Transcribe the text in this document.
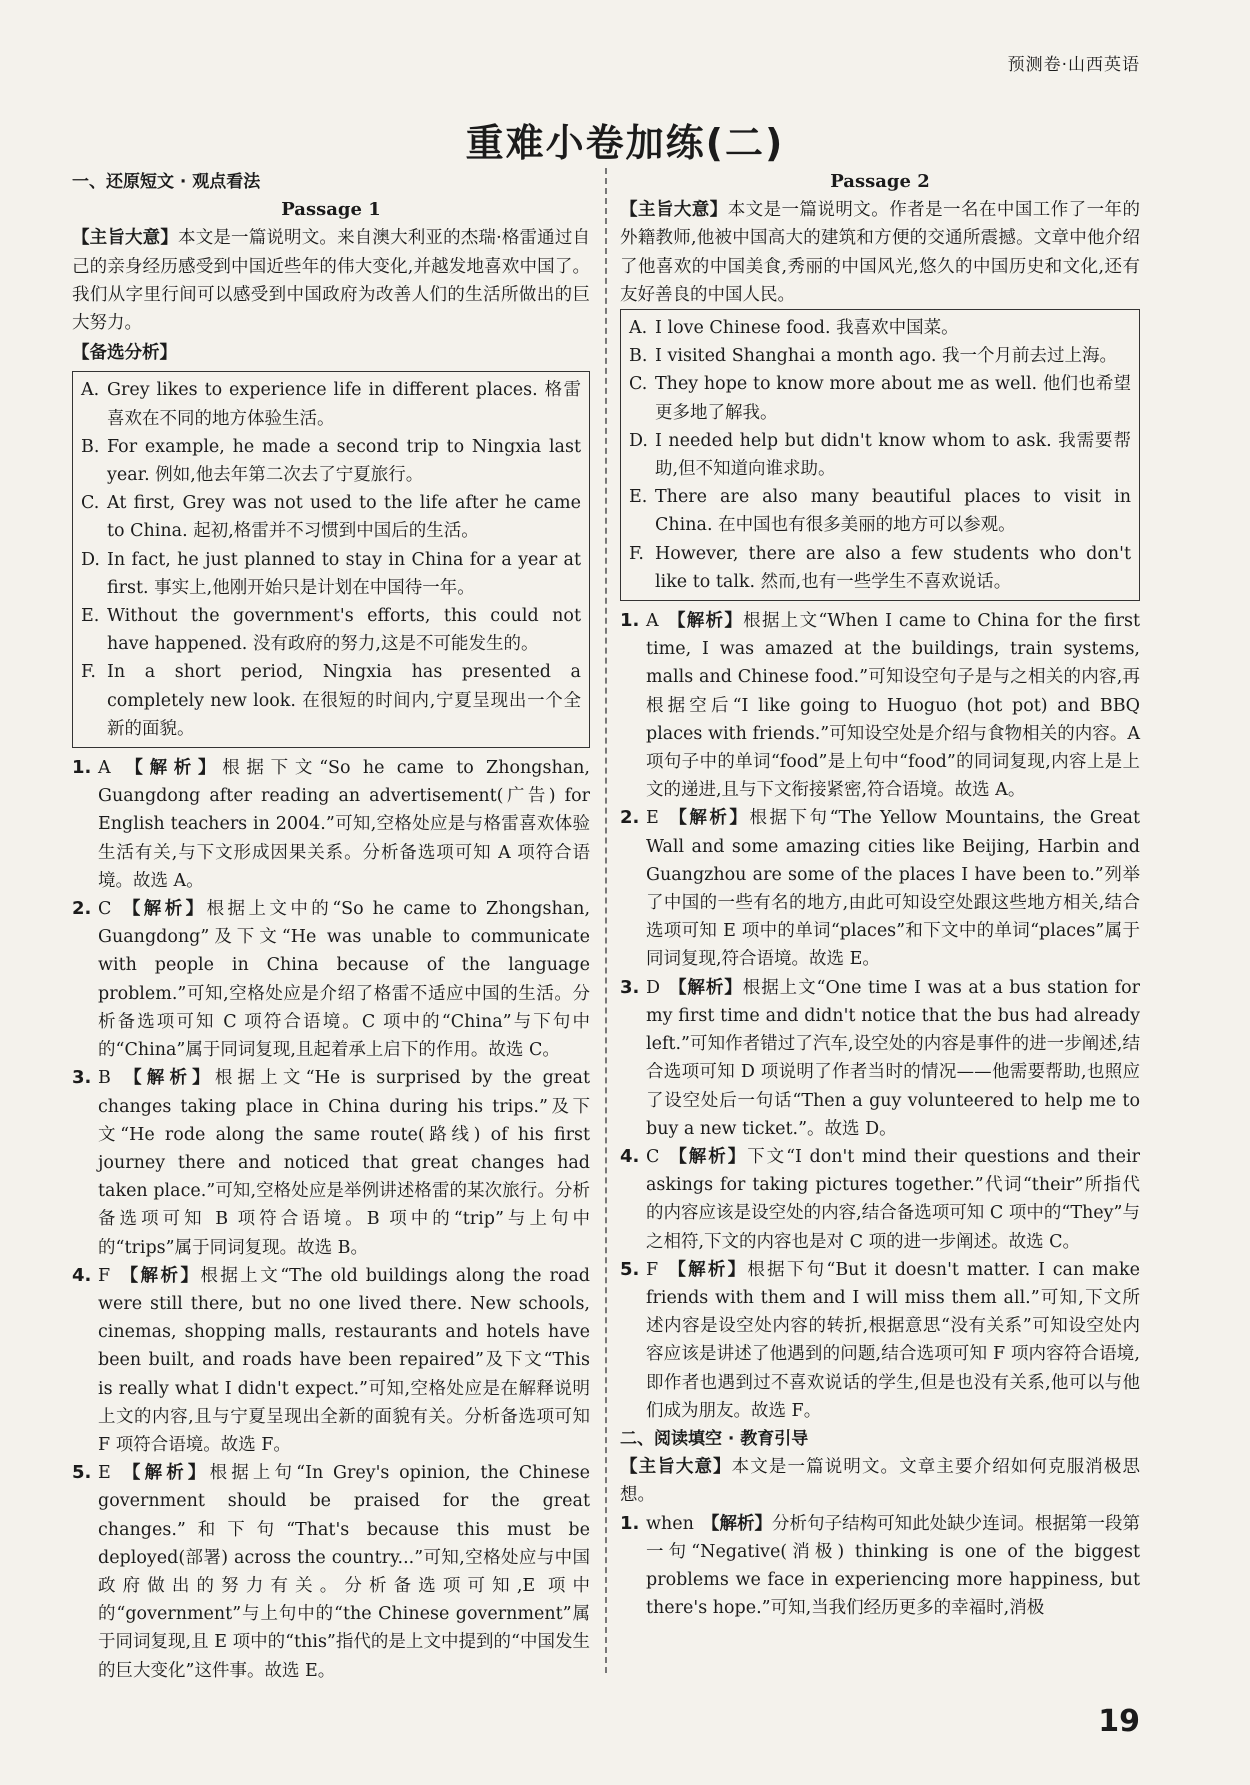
预测卷·山西英语
重难小卷加练(二)
一、还原短文 · 观点看法
Passage 1
【主旨大意】本文是一篇说明文。来自澳大利亚的杰瑞·格雷通过自己的亲身经历感受到中国近些年的伟大变化,并越发地喜欢中国了。我们从字里行间可以感受到中国政府为改善人们的生活所做出的巨大努力。
【备选分析】
A. Grey likes to experience life in different places. 格雷喜欢在不同的地方体验生活。
B. For example, he made a second trip to Ningxia last year. 例如,他去年第二次去了宁夏旅行。
C. At first, Grey was not used to the life after he came to China. 起初,格雷并不习惯到中国后的生活。
D. In fact, he just planned to stay in China for a year at first. 事实上,他刚开始只是计划在中国待一年。
E. Without the government's efforts, this could not have happened. 没有政府的努力,这是不可能发生的。
F. In a short period, Ningxia has presented a completely new look. 在很短的时间内,宁夏呈现出一个全新的面貌。
1. A 【解析】根据下文“So he came to Zhongshan, Guangdong after reading an advertisement(广告) for English teachers in 2004.”可知,空格处应是与格雷喜欢体验生活有关,与下文形成因果关系。分析备选项可知 A 项符合语境。故选 A。
2. C 【解析】根据上文中的“So he came to Zhongshan, Guangdong”及下文“He was unable to communicate with people in China because of the language problem.”可知,空格处应是介绍了格雷不适应中国的生活。分析备选项可知 C 项符合语境。C 项中的“China”与下句中的“China”属于同词复现,且起着承上启下的作用。故选 C。
3. B 【解析】根据上文“He is surprised by the great changes taking place in China during his trips.”及下文“He rode along the same route(路线) of his first journey there and noticed that great changes had taken place.”可知,空格处应是举例讲述格雷的某次旅行。分析备选项可知 B 项符合语境。B 项中的“trip”与上句中的“trips”属于同词复现。故选 B。
4. F 【解析】根据上文“The old buildings along the road were still there, but no one lived there. New schools, cinemas, shopping malls, restaurants and hotels have been built, and roads have been repaired”及下文“This is really what I didn't expect.”可知,空格处应是在解释说明上文的内容,且与宁夏呈现出全新的面貌有关。分析备选项可知 F 项符合语境。故选 F。
5. E 【解析】根据上句“In Grey's opinion, the Chinese government should be praised for the great changes.”和下句“That's because this must be deployed(部署) across the country...”可知,空格处应与中国政府做出的努力有关。分析备选项可知,E 项中的“government”与上句中的“the Chinese government”属于同词复现,且 E 项中的“this”指代的是上文中提到的“中国发生的巨大变化”这件事。故选 E。
Passage 2
【主旨大意】本文是一篇说明文。作者是一名在中国工作了一年的外籍教师,他被中国高大的建筑和方便的交通所震撼。文章中他介绍了他喜欢的中国美食,秀丽的中国风光,悠久的中国历史和文化,还有友好善良的中国人民。
A. I love Chinese food. 我喜欢中国菜。
B. I visited Shanghai a month ago. 我一个月前去过上海。
C. They hope to know more about me as well. 他们也希望更多地了解我。
D. I needed help but didn't know whom to ask. 我需要帮助,但不知道向谁求助。
E. There are also many beautiful places to visit in China. 在中国也有很多美丽的地方可以参观。
F. However, there are also a few students who don't like to talk. 然而,也有一些学生不喜欢说话。
1. A 【解析】根据上文“When I came to China for the first time, I was amazed at the buildings, train systems, malls and Chinese food.”可知设空句子是与之相关的内容,再根据空后“I like going to Huoguo (hot pot) and BBQ places with friends.”可知设空处是介绍与食物相关的内容。A 项句子中的单词“food”是上句中“food”的同词复现,内容上是上文的递进,且与下文衔接紧密,符合语境。故选 A。
2. E 【解析】根据下句“The Yellow Mountains, the Great Wall and some amazing cities like Beijing, Harbin and Guangzhou are some of the places I have been to.”列举了中国的一些有名的地方,由此可知设空处跟这些地方相关,结合选项可知 E 项中的单词“places”和下文中的单词“places”属于同词复现,符合语境。故选 E。
3. D 【解析】根据上文“One time I was at a bus station for my first time and didn't notice that the bus had already left.”可知作者错过了汽车,设空处的内容是事件的进一步阐述,结合选项可知 D 项说明了作者当时的情况——他需要帮助,也照应了设空处后一句话“Then a guy volunteered to help me to buy a new ticket.”。故选 D。
4. C 【解析】下文“I don't mind their questions and their askings for taking pictures together.”代词“their”所指代的内容应该是设空处的内容,结合备选项可知 C 项中的“They”与之相符,下文的内容也是对 C 项的进一步阐述。故选 C。
5. F 【解析】根据下句“But it doesn't matter. I can make friends with them and I will miss them all.”可知,下文所述内容是设空处内容的转折,根据意思“没有关系”可知设空处内容应该是讲述了他遇到的问题,结合选项可知 F 项内容符合语境,即作者也遇到过不喜欢说话的学生,但是也没有关系,他可以与他们成为朋友。故选 F。
二、阅读填空 · 教育引导
【主旨大意】本文是一篇说明文。文章主要介绍如何克服消极思想。
1. when 【解析】分析句子结构可知此处缺少连词。根据第一段第一句“Negative(消极) thinking is one of the biggest problems we face in experiencing more happiness, but there's hope.”可知,当我们经历更多的幸福时,消极
19
